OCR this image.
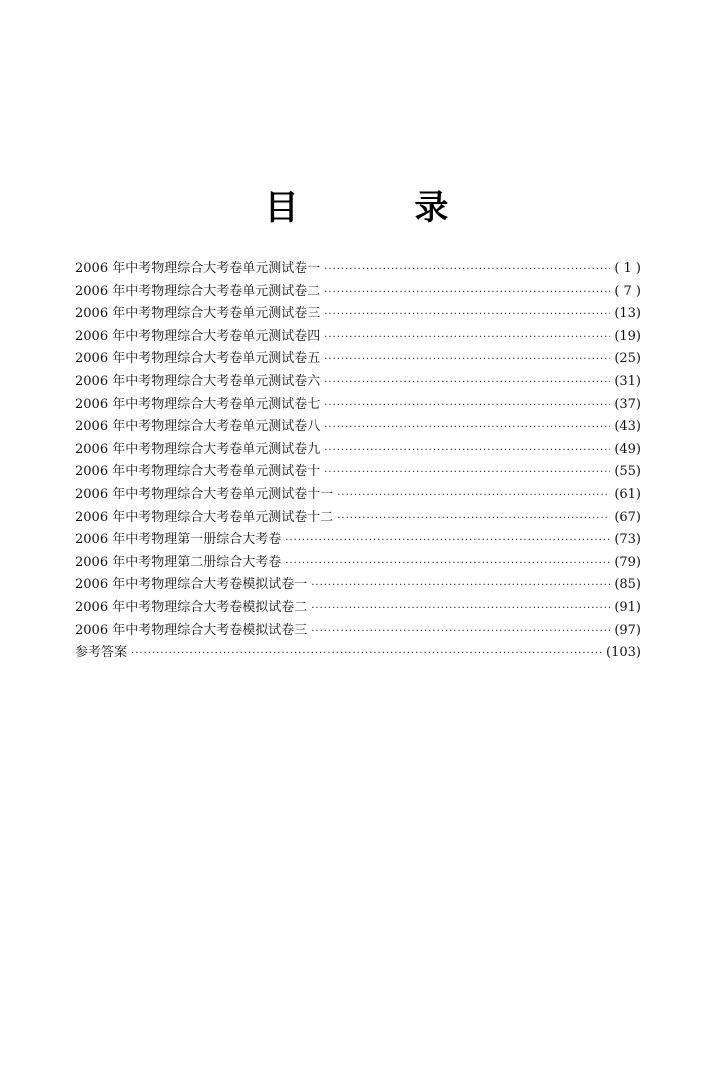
目 录
2006 年中考物理综合大考卷单元测试卷一 ·····	( 1 )
2006 年中考物理综合大考卷单元测试卷二 ·····	( 7 )
2006 年中考物理综合大考卷单元测试卷三 ·····	(13)
2006 年中考物理综合大考卷单元测试卷四 ·····	(19)
2006 年中考物理综合大考卷单元测试卷五 ·····	(25)
2006 年中考物理综合大考卷单元测试卷六 ·····	(31)
2006 年中考物理综合大考卷单元测试卷七 ·····	(37)
2006 年中考物理综合大考卷单元测试卷八 ·····	(43)
2006 年中考物理综合大考卷单元测试卷九 ·····	(49)
2006 年中考物理综合大考卷单元测试卷十 ·····	(55)
2006 年中考物理综合大考卷单元测试卷十一 ·····	(61)
2006 年中考物理综合大考卷单元测试卷十二 ·····	(67)
2006 年中考物理第一册综合大考卷 ·····	(73)
2006 年中考物理第二册综合大考卷 ·····	(79)
2006 年中考物理综合大考卷模拟试卷一 ·····	(85)
2006 年中考物理综合大考卷模拟试卷二 ·····	(91)
2006 年中考物理综合大考卷模拟试卷三 ·····	(97)
参考答案 ·····	(103)
